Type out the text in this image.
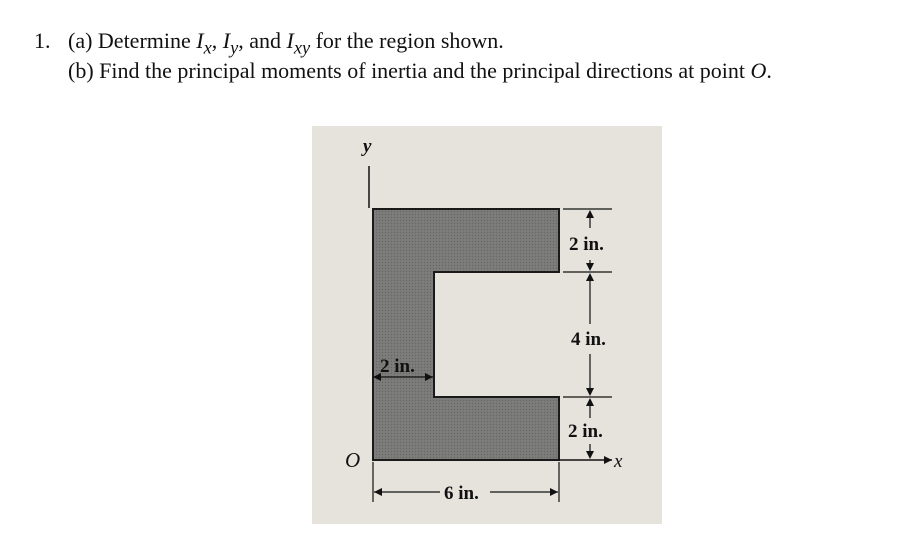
1. (a) Determine $I_x$, $I_y$, and $I_{xy}$ for the region shown.
(b) Find the principal moments of inertia and the principal directions at point O.
y
O	x
2 in.
4 in.
2 in.
2 in.
6 in.
